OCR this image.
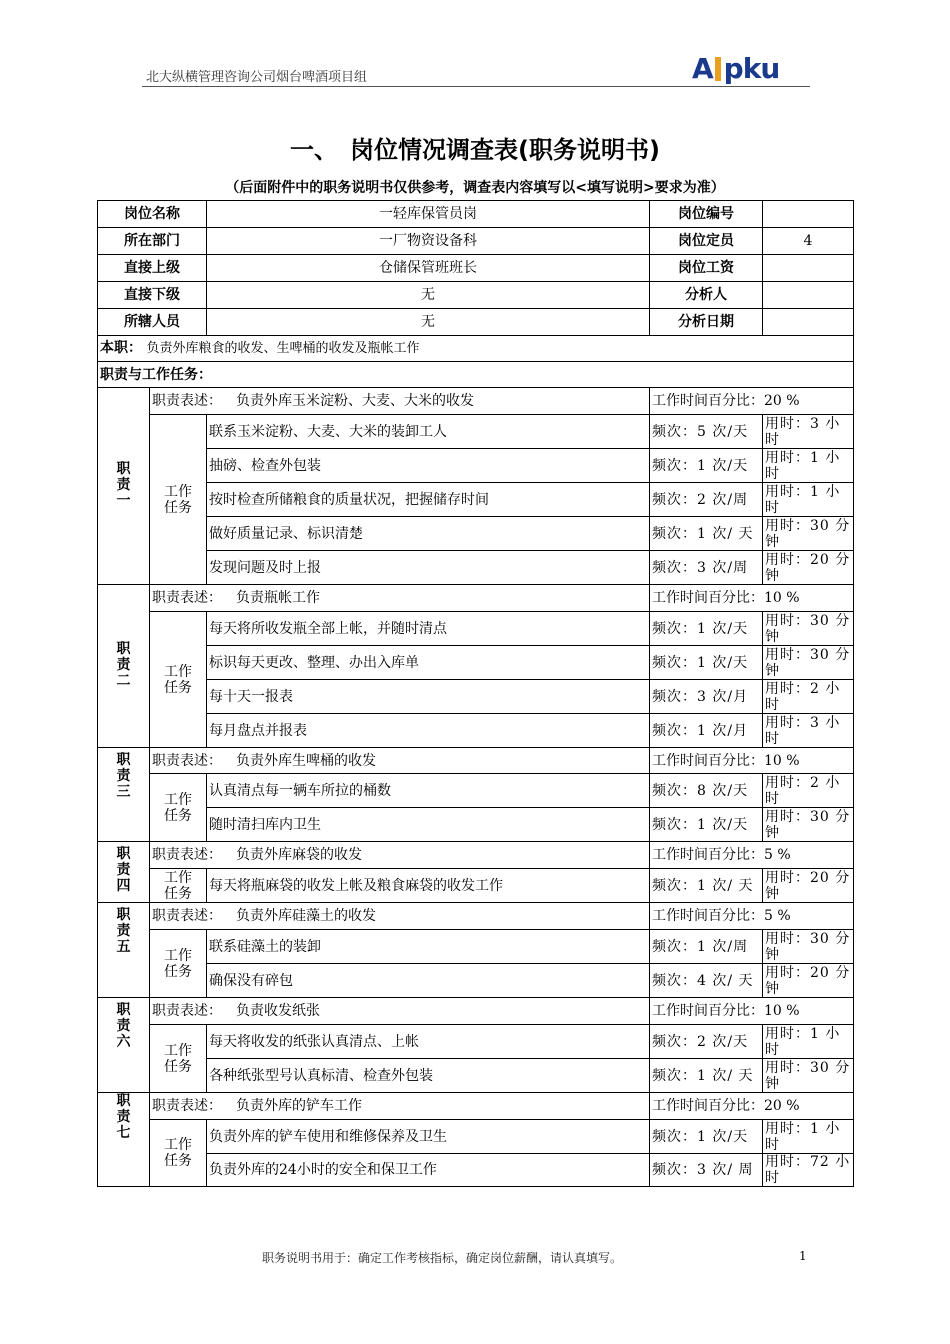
北大纵横管理咨询公司烟台啤酒项目组	A pku
一、　岗位情况调查表(职务说明书)
（后面附件中的职务说明书仅供参考，调查表内容填写以<填写说明>要求为准）
岗位名称		一轻库保管员岗	岗位编号	
所在部门		一厂物资设备科	岗位定员	4
直接上级		仓储保管班班长	岗位工资	
直接下级		无	分析人	
所辖人员		无	分析日期	
本职： 负责外库粮食的收发、生啤桶的收发及瓶帐工作				
职责与工作任务：				

职责一	职责表述： 负责外库玉米淀粉、大麦、大米的收发		工作时间百分比：20 %	
	工作任务	联系玉米淀粉、大麦、大米的装卸工人	频次：5 次/天	用时：3 小时
		抽磅、检查外包装	频次：1 次/天	用时：1 小时
		按时检查所储粮食的质量状况，把握储存时间	频次：2 次/周	用时：1 小时
		做好质量记录、标识清楚	频次：1 次/ 天	用时：30 分钟
		发现问题及时上报	频次：3 次/周	用时：20 分钟

职责二	职责表述： 负责瓶帐工作		工作时间百分比：10 %	
	工作任务	每天将所收发瓶全部上帐，并随时清点	频次：1 次/天	用时：30 分钟
		标识每天更改、整理、办出入库单	频次：1 次/天	用时：30 分钟
		每十天一报表	频次：3 次/月	用时：2 小时
		每月盘点并报表	频次：1 次/月	用时：3 小时

职责三	职责表述： 负责外库生啤桶的收发		工作时间百分比：10 %	
	工作任务	认真清点每一辆车所拉的桶数	频次：8 次/天	用时：2 小时
		随时清扫库内卫生	频次：1 次/天	用时：30 分钟

职责四	职责表述： 负责外库麻袋的收发		工作时间百分比：5 %	
	工作任务	每天将瓶麻袋的收发上帐及粮食麻袋的收发工作	频次：1 次/ 天	用时：20 分钟

职责五	职责表述： 负责外库硅藻土的收发		工作时间百分比：5 %	
	工作任务	联系硅藻土的装卸	频次：1 次/周	用时：30 分钟
		确保没有碎包	频次：4 次/ 天	用时：20 分钟

职责六	职责表述： 负责收发纸张		工作时间百分比：10 %	
	工作任务	每天将收发的纸张认真清点、上帐	频次：2 次/天	用时：1 小时
		各种纸张型号认真标清、检查外包装	频次：1 次/ 天	用时：30 分钟

职责七	职责表述： 负责外库的铲车工作		工作时间百分比：20 %	
	工作任务	负责外库的铲车使用和维修保养及卫生	频次：1 次/天	用时：1 小时
		负责外库的24小时的安全和保卫工作	频次：3 次/ 周	用时：72 小时
职务说明书用于：确定工作考核指标，确定岗位薪酬，请认真填写。	1
